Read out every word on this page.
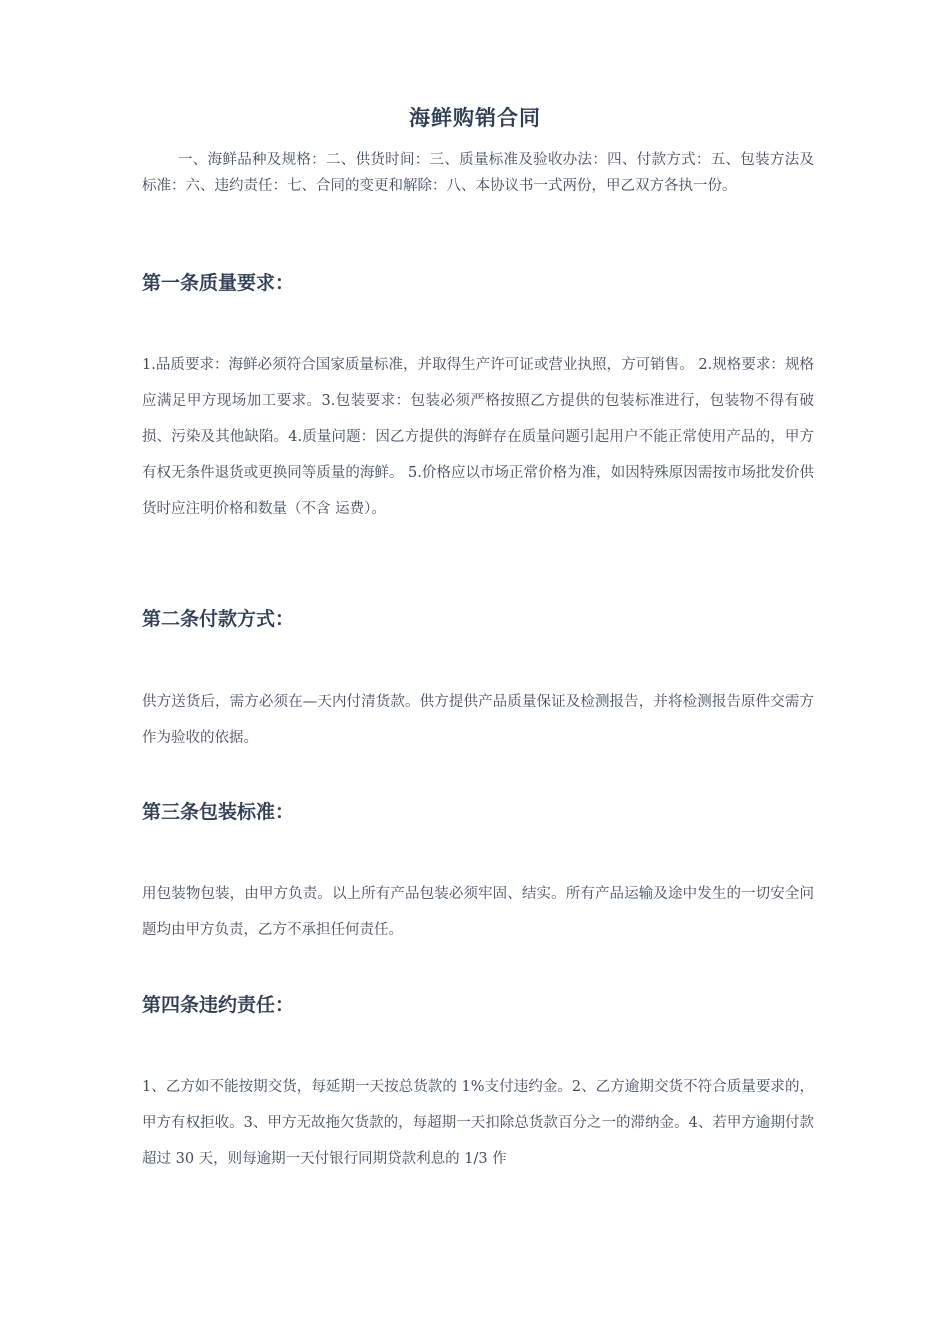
海鲜购销合同
一、海鲜品种及规格：二、供货时间：三、质量标准及验收办法：四、付款方式：五、包装方法及标准：六、违约责任：七、合同的变更和解除：八、本协议书一式两份，甲乙双方各执一份。
第一条质量要求：
1.品质要求：海鲜必须符合国家质量标准，并取得生产许可证或营业执照，方可销售。 2.规格要求：规格应满足甲方现场加工要求。3.包装要求：包装必须严格按照乙方提供的包装标准进行，包装物不得有破损、污染及其他缺陷。4.质量问题：因乙方提供的海鲜存在质量问题引起用户不能正常使用产品的，甲方有权无条件退货或更换同等质量的海鲜。 5.价格应以市场正常价格为准，如因特殊原因需按市场批发价供货时应注明价格和数量（不含 运费）。
第二条付款方式：
供方送货后，需方必须在—天内付清货款。供方提供产品质量保证及检测报告，并将检测报告原件交需方作为验收的依据。
第三条包装标准：
用包装物包装，由甲方负责。以上所有产品包装必须牢固、结实。所有产品运输及途中发生的一切安全问题均由甲方负责，乙方不承担任何责任。
第四条违约责任：
1、乙方如不能按期交货，每延期一天按总货款的 1%支付违约金。2、乙方逾期交货不符合质量要求的，甲方有权拒收。3、甲方无故拖欠货款的，每超期一天扣除总货款百分之一的滞纳金。4、若甲方逾期付款超过 30 天，则每逾期一天付银行同期贷款利息的 1/3 作
